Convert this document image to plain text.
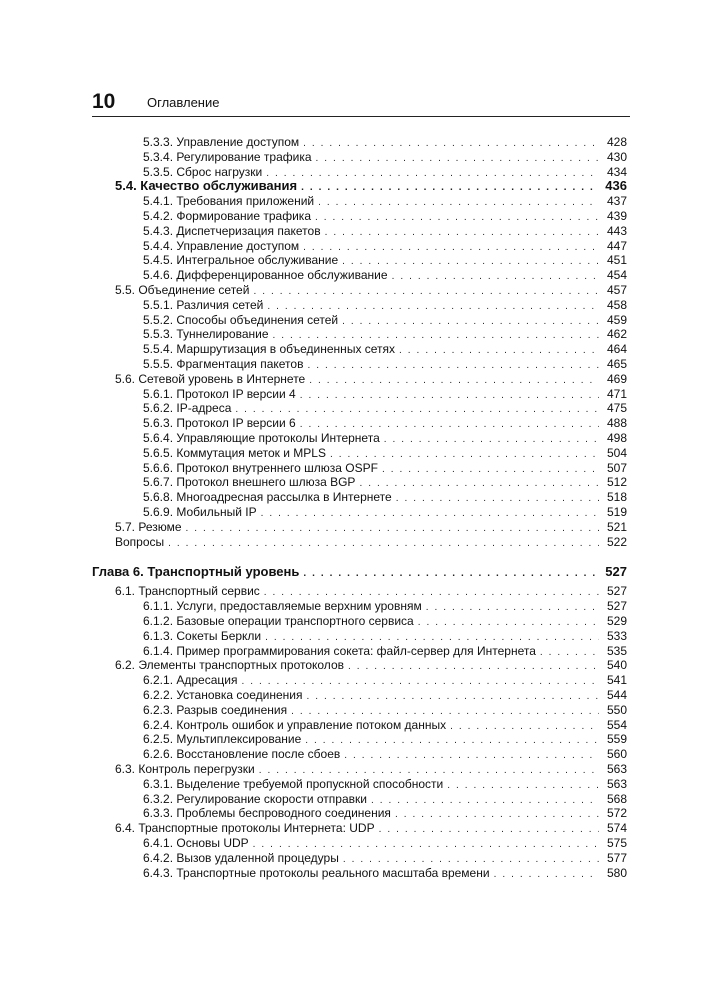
10 Оглавление
5.3.3. Управление доступом . . .	428
5.3.4. Регулирование трафика . . .	430
5.3.5. Сброс нагрузки . . .	434
5.4. Качество обслуживания . . .	436
5.4.1. Требования приложений . . .	437
5.4.2. Формирование трафика . . .	439
5.4.3. Диспетчеризация пакетов . . .	443
5.4.4. Управление доступом . . .	447
5.4.5. Интегральное обслуживание . . .	451
5.4.6. Дифференцированное обслуживание . . .	454
5.5. Объединение сетей . . .	457
5.5.1. Различия сетей . . .	458
5.5.2. Способы объединения сетей . . .	459
5.5.3. Туннелирование . . .	462
5.5.4. Маршрутизация в объединенных сетях . . .	464
5.5.5. Фрагментация пакетов . . .	465
5.6. Сетевой уровень в Интернете . . .	469
5.6.1. Протокол IP версии 4 . . .	471
5.6.2. IP-адреса . . .	475
5.6.3. Протокол IP версии 6 . . .	488
5.6.4. Управляющие протоколы Интернета . . .	498
5.6.5. Коммутация меток и MPLS . . .	504
5.6.6. Протокол внутреннего шлюза OSPF . . .	507
5.6.7. Протокол внешнего шлюза BGP . . .	512
5.6.8. Многоадресная рассылка в Интернете . . .	518
5.6.9. Мобильный IP . . .	519
5.7. Резюме . . .	521
Вопросы . . .	522
Глава 6. Транспортный уровень . . .	527
6.1. Транспортный сервис . . .	527
6.1.1. Услуги, предоставляемые верхним уровням . . .	527
6.1.2. Базовые операции транспортного сервиса . . .	529
6.1.3. Сокеты Беркли . . .	533
6.1.4. Пример программирования сокета: файл-сервер для Интернета . . .	535
6.2. Элементы транспортных протоколов . . .	540
6.2.1. Адресация . . .	541
6.2.2. Установка соединения . . .	544
6.2.3. Разрыв соединения . . .	550
6.2.4. Контроль ошибок и управление потоком данных . . .	554
6.2.5. Мультиплексирование . . .	559
6.2.6. Восстановление после сбоев . . .	560
6.3. Контроль перегрузки . . .	563
6.3.1. Выделение требуемой пропускной способности . . .	563
6.3.2. Регулирование скорости отправки . . .	568
6.3.3. Проблемы беспроводного соединения . . .	572
6.4. Транспортные протоколы Интернета: UDP . . .	574
6.4.1. Основы UDP . . .	575
6.4.2. Вызов удаленной процедуры . . .	577
6.4.3. Транспортные протоколы реального масштаба времени . . .	580
